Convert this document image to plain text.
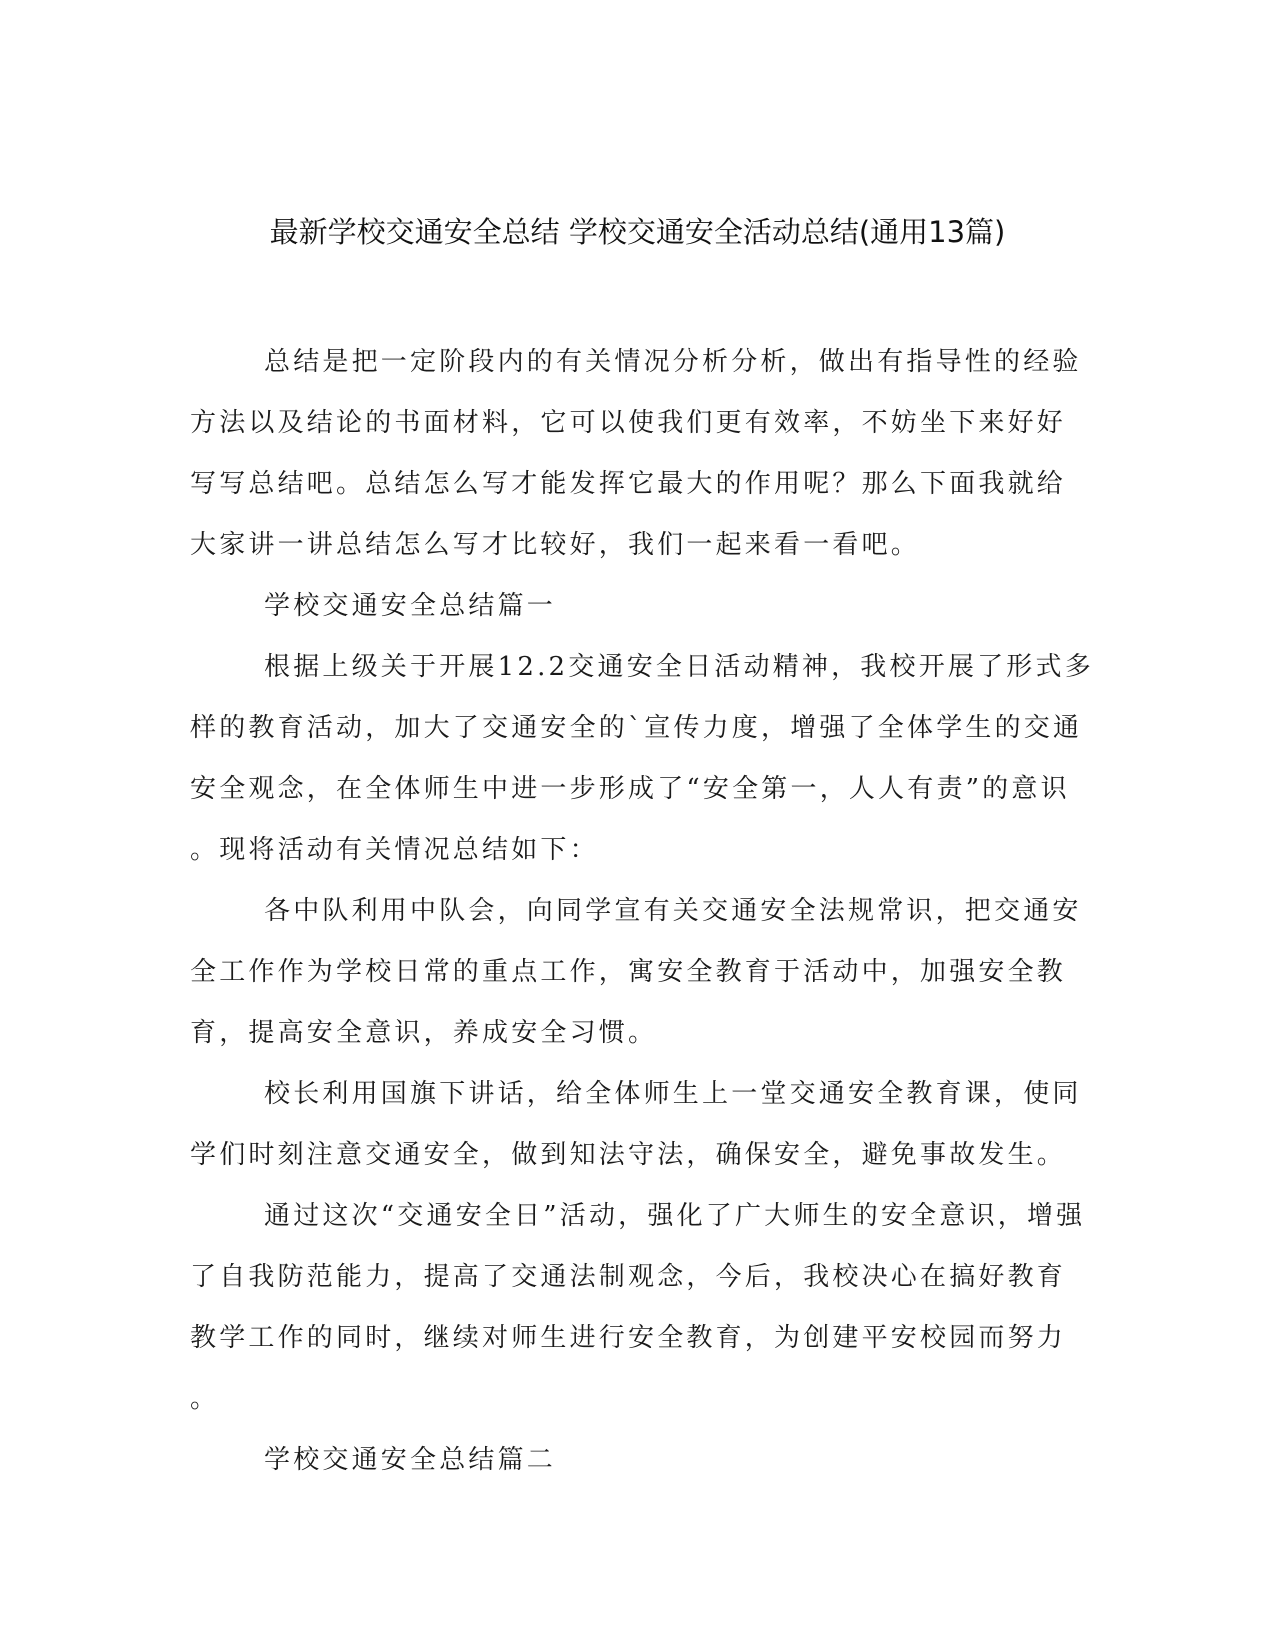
最新学校交通安全总结 学校交通安全活动总结(通用13篇)
总结是把一定阶段内的有关情况分析分析，做出有指导性的经验
方法以及结论的书面材料，它可以使我们更有效率，不妨坐下来好好
写写总结吧。总结怎么写才能发挥它最大的作用呢？那么下面我就给
大家讲一讲总结怎么写才比较好，我们一起来看一看吧。
学校交通安全总结篇一
根据上级关于开展12.2交通安全日活动精神，我校开展了形式多
样的教育活动，加大了交通安全的`宣传力度，增强了全体学生的交通
安全观念，在全体师生中进一步形成了“安全第一，人人有责”的意识
。现将活动有关情况总结如下：
各中队利用中队会，向同学宣有关交通安全法规常识，把交通安
全工作作为学校日常的重点工作，寓安全教育于活动中，加强安全教
育，提高安全意识，养成安全习惯。
校长利用国旗下讲话，给全体师生上一堂交通安全教育课，使同
学们时刻注意交通安全，做到知法守法，确保安全，避免事故发生。
通过这次“交通安全日”活动，强化了广大师生的安全意识，增强
了自我防范能力，提高了交通法制观念，今后，我校决心在搞好教育
教学工作的同时，继续对师生进行安全教育，为创建平安校园而努力
。
学校交通安全总结篇二
